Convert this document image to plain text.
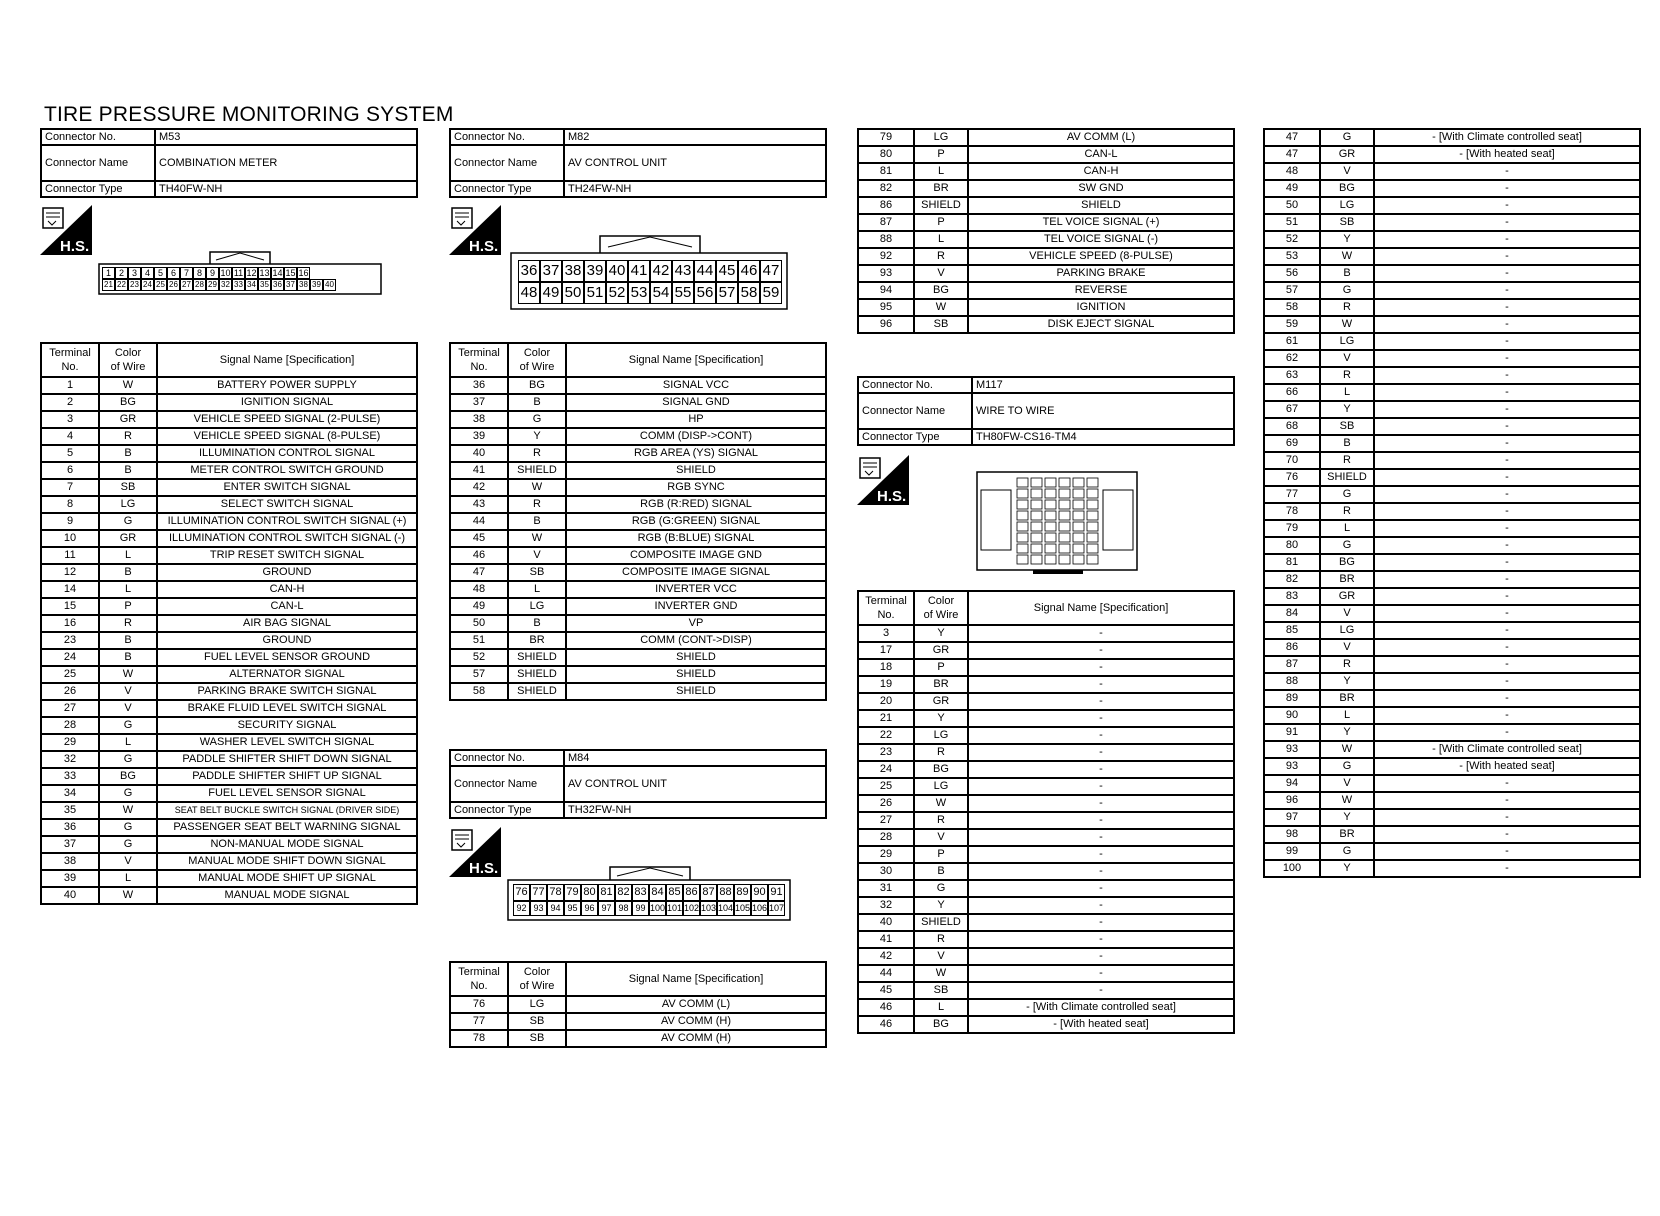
TIRE PRESSURE MONITORING SYSTEM
Connector No.	M53
Connector Name	COMBINATION METER
Connector Type	TH40FW-NH
H.S.
1 2 3 4 5 6 7 8 9 10 11 12 13 14 15 16
21 22 23 24 25 26 27 28 29 32 33 34 35 36 37 38 39 40
Terminal
No.	Color
of Wire	Signal Name [Specification]
1	W	BATTERY POWER SUPPLY
2	BG	IGNITION SIGNAL
3	GR	VEHICLE SPEED SIGNAL (2-PULSE)
4	R	VEHICLE SPEED SIGNAL (8-PULSE)
5	B	ILLUMINATION CONTROL SIGNAL
6	B	METER CONTROL SWITCH GROUND
7	SB	ENTER SWITCH SIGNAL
8	LG	SELECT SWITCH SIGNAL
9	G	ILLUMINATION CONTROL SWITCH SIGNAL (+)
10	GR	ILLUMINATION CONTROL SWITCH SIGNAL (-)
11	L	TRIP RESET SWITCH SIGNAL
12	B	GROUND
14	L	CAN-H
15	P	CAN-L
16	R	AIR BAG SIGNAL
23	B	GROUND
24	B	FUEL LEVEL SENSOR GROUND
25	W	ALTERNATOR SIGNAL
26	V	PARKING BRAKE SWITCH SIGNAL
27	V	BRAKE FLUID LEVEL SWITCH SIGNAL
28	G	SECURITY SIGNAL
29	L	WASHER LEVEL SWITCH SIGNAL
32	G	PADDLE SHIFTER SHIFT DOWN SIGNAL
33	BG	PADDLE SHIFTER SHIFT UP SIGNAL
34	G	FUEL LEVEL SENSOR SIGNAL
35	W	SEAT BELT BUCKLE SWITCH SIGNAL (DRIVER SIDE)
36	G	PASSENGER SEAT BELT WARNING SIGNAL
37	G	NON-MANUAL MODE SIGNAL
38	V	MANUAL MODE SHIFT DOWN SIGNAL
39	L	MANUAL MODE SHIFT UP SIGNAL
40	W	MANUAL MODE SIGNAL
Connector No.	M82
Connector Name	AV CONTROL UNIT
Connector Type	TH24FW-NH
H.S.
36 37 38 39 40 41 42 43 44 45 46 47
48 49 50 51 52 53 54 55 56 57 58 59
Terminal
No.	Color
of Wire	Signal Name [Specification]
36	BG	SIGNAL VCC
37	B	SIGNAL GND
38	G	HP
39	Y	COMM (DISP->CONT)
40	R	RGB AREA (YS) SIGNAL
41	SHIELD	SHIELD
42	W	RGB SYNC
43	R	RGB (R:RED) SIGNAL
44	B	RGB (G:GREEN) SIGNAL
45	W	RGB (B:BLUE) SIGNAL
46	V	COMPOSITE IMAGE GND
47	SB	COMPOSITE IMAGE SIGNAL
48	L	INVERTER VCC
49	LG	INVERTER GND
50	B	VP
51	BR	COMM (CONT->DISP)
52	SHIELD	SHIELD
57	SHIELD	SHIELD
58	SHIELD	SHIELD
Connector No.	M84
Connector Name	AV CONTROL UNIT
Connector Type	TH32FW-NH
H.S.
76 77 78 79 80 81 82 83 84 85 86 87 88 89 90 91
92 93 94 95 96 97 98 99 100 101 102 103 104 105 106 107
Terminal
No.	Color
of Wire	Signal Name [Specification]
76	LG	AV COMM (L)
77	SB	AV COMM (H)
78	SB	AV COMM (H)
79	LG	AV COMM (L)
80	P	CAN-L
81	L	CAN-H
82	BR	SW GND
86	SHIELD	SHIELD
87	P	TEL VOICE SIGNAL (+)
88	L	TEL VOICE SIGNAL (-)
92	R	VEHICLE SPEED (8-PULSE)
93	V	PARKING BRAKE
94	BG	REVERSE
95	W	IGNITION
96	SB	DISK EJECT SIGNAL
Connector No.	M117
Connector Name	WIRE TO WIRE
Connector Type	TH80FW-CS16-TM4
H.S.
Terminal
No.	Color
of Wire	Signal Name [Specification]
3	Y	-
17	GR	-
18	P	-
19	BR	-
20	GR	-
21	Y	-
22	LG	-
23	R	-
24	BG	-
25	LG	-
26	W	-
27	R	-
28	V	-
29	P	-
30	B	-
31	G	-
32	Y	-
40	SHIELD	-
41	R	-
42	V	-
44	W	-
45	SB	-
46	L	- [With Climate controlled seat]
46	BG	- [With heated seat]
47	G	- [With Climate controlled seat]
47	GR	- [With heated seat]
48	V	-
49	BG	-
50	LG	-
51	SB	-
52	Y	-
53	W	-
56	B	-
57	G	-
58	R	-
59	W	-
61	LG	-
62	V	-
63	R	-
66	L	-
67	Y	-
68	SB	-
69	B	-
70	R	-
76	SHIELD	-
77	G	-
78	R	-
79	L	-
80	G	-
81	BG	-
82	BR	-
83	GR	-
84	V	-
85	LG	-
86	V	-
87	R	-
88	Y	-
89	BR	-
90	L	-
91	Y	-
93	W	- [With Climate controlled seat]
93	G	- [With heated seat]
94	V	-
96	W	-
97	Y	-
98	BR	-
99	G	-
100	Y	-
